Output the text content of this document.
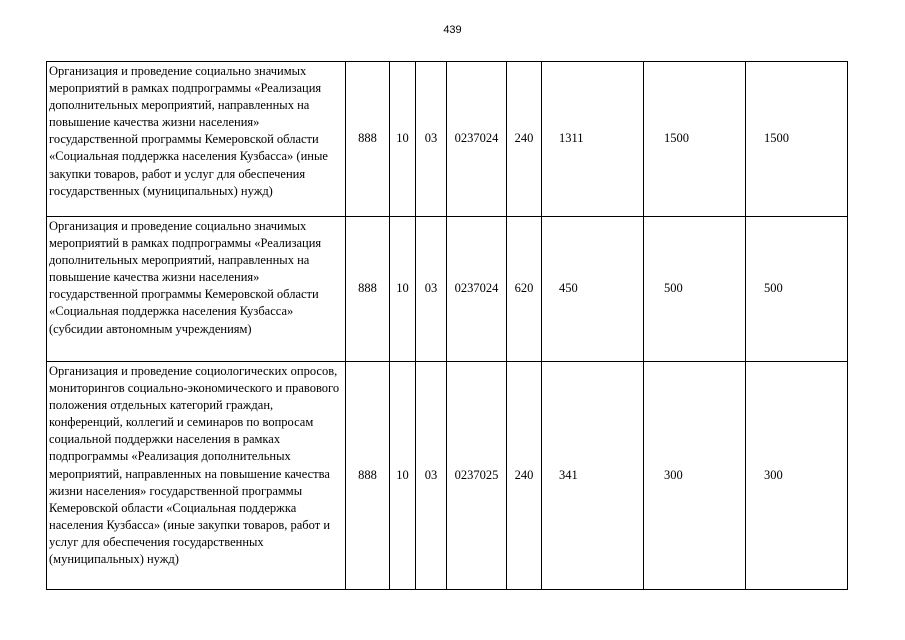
439
Организация и проведение социально значимых мероприятий в рамках подпрограммы «Реализация дополнительных мероприятий, направленных на повышение качества жизни населения» государственной программы Кемеровской области «Социальная поддержка населения Кузбасса» (иные закупки товаров, работ и услуг для обеспечения государственных (муниципальных) нужд)	888	10	03	0237024	240	1311	1500	1500
Организация и проведение социально значимых мероприятий в рамках подпрограммы «Реализация дополнительных мероприятий, направленных на повышение качества жизни населения» государственной программы Кемеровской области «Социальная поддержка населения Кузбасса» (субсидии автономным учреждениям)	888	10	03	0237024	620	450	500	500
Организация и проведение социологических опросов, мониторингов социально-экономического и правового положения отдельных категорий граждан, конференций, коллегий и семинаров по вопросам социальной поддержки населения в рамках подпрограммы «Реализация дополнительных мероприятий, направленных на повышение качества жизни населения» государственной программы Кемеровской области «Социальная поддержка населения Кузбасса» (иные закупки товаров, работ и услуг для обеспечения государственных (муниципальных) нужд)	888	10	03	0237025	240	341	300	300
